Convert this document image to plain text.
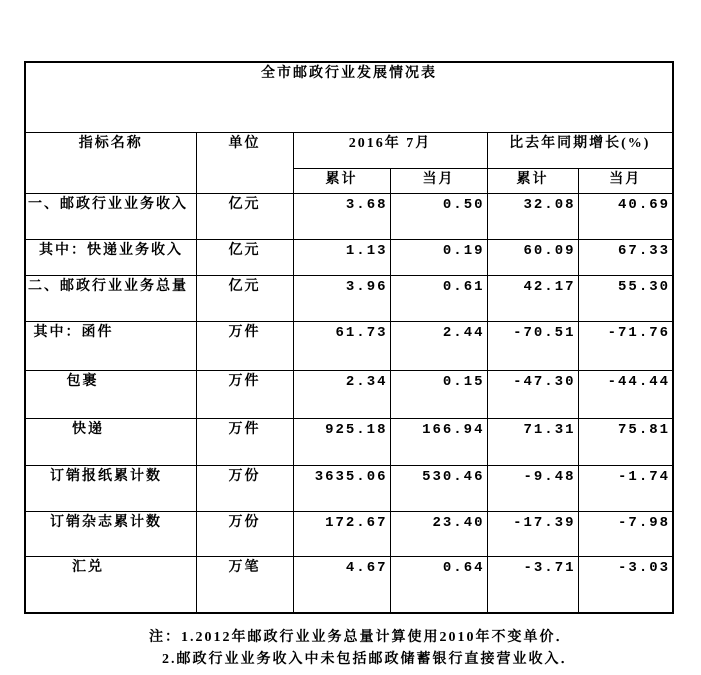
全市邮政行业发展情况表					
指标名称	单位	2016年 7月		比去年同期增长(%)	
		累计	当月	累计	当月
一、邮政行业业务收入	亿元	3.68	0.50	32.08	40.69
其中：快递业务收入	亿元	1.13	0.19	60.09	67.33
二、邮政行业业务总量	亿元	3.96	0.61	42.17	55.30
其中：函件	万件	61.73	2.44	-70.51	-71.76
包裹	万件	2.34	0.15	-47.30	-44.44
快递	万件	925.18	166.94	71.31	75.81
订销报纸累计数	万份	3635.06	530.46	-9.48	-1.74
订销杂志累计数	万份	172.67	23.40	-17.39	-7.98
汇兑	万笔	4.67	0.64	-3.71	-3.03
注：1.2012年邮政行业业务总量计算使用2010年不变单价．
2.邮政行业业务收入中未包括邮政储蓄银行直接营业收入．
